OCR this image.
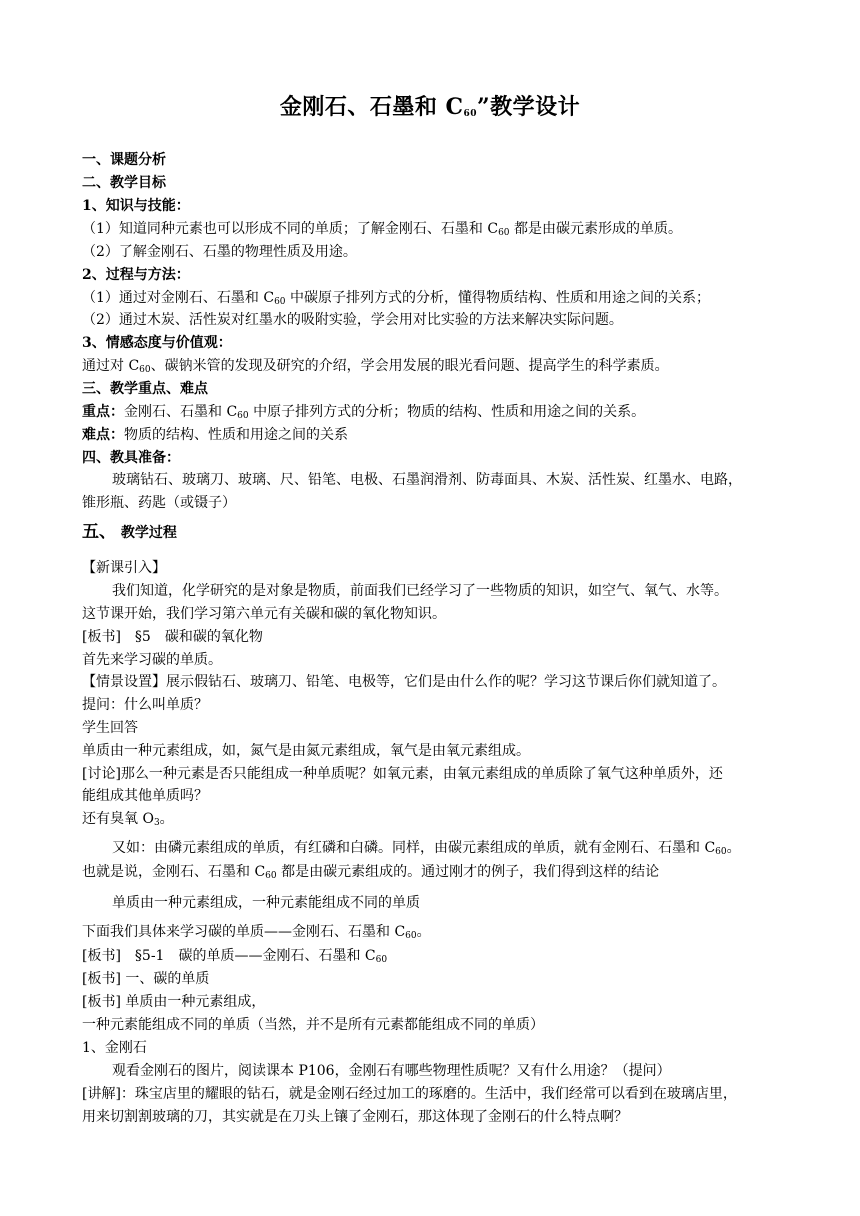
金刚石、石墨和 $C_{60}$”教学设计
一、课题分析
二、教学目标
1、知识与技能：
（1）知道同种元素也可以形成不同的单质；了解金刚石、石墨和 $C_{60}$ 都是由碳元素形成的单质。
（2）了解金刚石、石墨的物理性质及用途。
2、过程与方法：
（1）通过对金刚石、石墨和 $C_{60}$ 中碳原子排列方式的分析，懂得物质结构、性质和用途之间的关系；
（2）通过木炭、活性炭对红墨水的吸附实验，学会用对比实验的方法来解决实际问题。
3、情感态度与价值观：
通过对 $C_{60}$、碳钠米管的发现及研究的介绍，学会用发展的眼光看问题、提高学生的科学素质。
三、教学重点、难点
重点：金刚石、石墨和 $C_{60}$ 中原子排列方式的分析；物质的结构、性质和用途之间的关系。
难点：物质的结构、性质和用途之间的关系
四、教具准备：
玻璃钻石、玻璃刀、玻璃、尺、铅笔、电极、石墨润滑剂、防毒面具、木炭、活性炭、红墨水、电路，
锥形瓶、药匙（或镊子）
五、 教学过程
【新课引入】
我们知道，化学研究的是对象是物质，前面我们已经学习了一些物质的知识，如空气、氧气、水等。
这节课开始，我们学习第六单元有关碳和碳的氧化物知识。
[板书]　§5　碳和碳的氧化物
首先来学习碳的单质。
【情景设置】展示假钻石、玻璃刀、铅笔、电极等，它们是由什么作的呢？学习这节课后你们就知道了。
提问：什么叫单质？
学生回答
单质由一种元素组成，如，氮气是由氮元素组成，氧气是由氧元素组成。
[讨论]那么一种元素是否只能组成一种单质呢？如氧元素，由氧元素组成的单质除了氧气这种单质外，还
能组成其他单质吗？
还有臭氧 $O_3$。
又如：由磷元素组成的单质，有红磷和白磷。同样，由碳元素组成的单质，就有金刚石、石墨和 $C_{60}$。
也就是说，金刚石、石墨和 $C_{60}$ 都是由碳元素组成的。通过刚才的例子，我们得到这样的结论
单质由一种元素组成，一种元素能组成不同的单质
下面我们具体来学习碳的单质——金刚石、石墨和 $C_{60}$。
[板书]　§5-1　碳的单质——金刚石、石墨和 $C_{60}$
[板书] 一、碳的单质
[板书] 单质由一种元素组成，
一种元素能组成不同的单质（当然，并不是所有元素都能组成不同的单质）
1、金刚石
观看金刚石的图片，阅读课本 P106，金刚石有哪些物理性质呢？又有什么用途？（提问）
[讲解]：珠宝店里的耀眼的钻石，就是金刚石经过加工的琢磨的。生活中，我们经常可以看到在玻璃店里，
用来切割割玻璃的刀，其实就是在刀头上镶了金刚石，那这体现了金刚石的什么特点啊？
